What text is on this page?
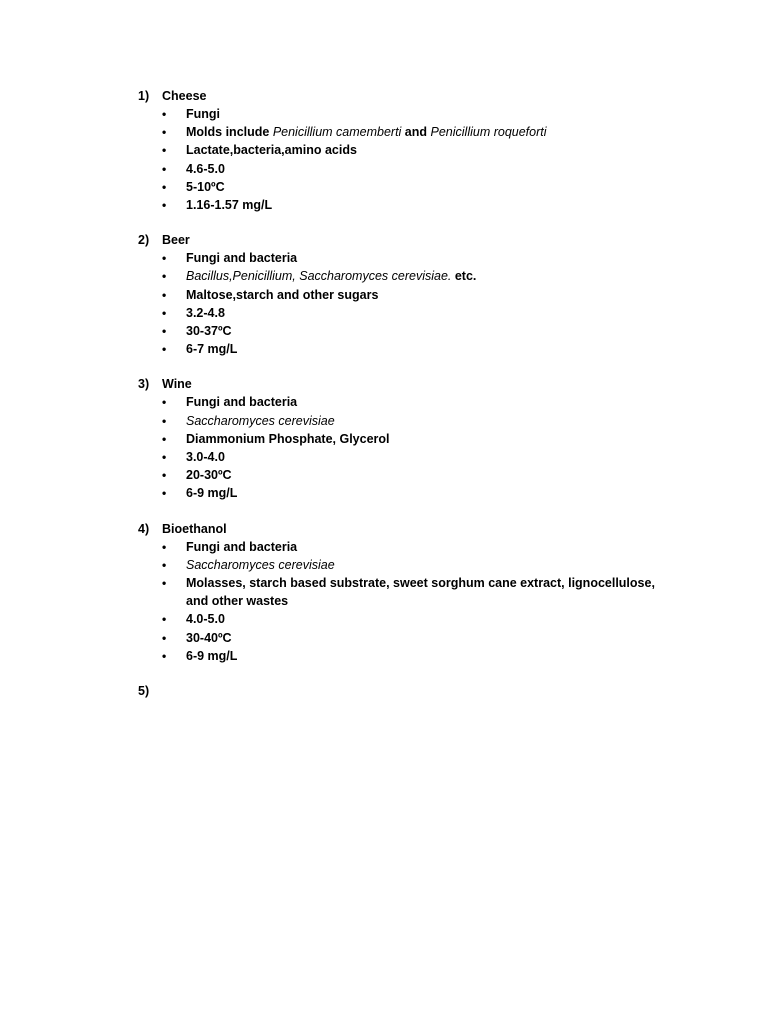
1)	Cheese
•	Fungi
•	Molds include Penicillium camemberti and Penicillium roqueforti
•	Lactate,bacteria,amino acids
•	4.6-5.0
•	5-10ºC
•	1.16-1.57 mg/L
2)	Beer
•	Fungi and bacteria
•	Bacillus,Penicillium, Saccharomyces cerevisiae. etc.
•	Maltose,starch and other sugars
•	3.2-4.8
•	30-37ºC
•	6-7 mg/L
3)	Wine
•	Fungi and bacteria
•	Saccharomyces cerevisiae
•	Diammonium Phosphate, Glycerol
•	3.0-4.0
•	20-30ºC
•	6-9 mg/L
4)	Bioethanol
•	Fungi and bacteria
•	Saccharomyces cerevisiae
•	Molasses, starch based substrate, sweet sorghum cane extract, lignocellulose, and other wastes
•	4.0-5.0
•	30-40ºC
•	6-9 mg/L
5)
